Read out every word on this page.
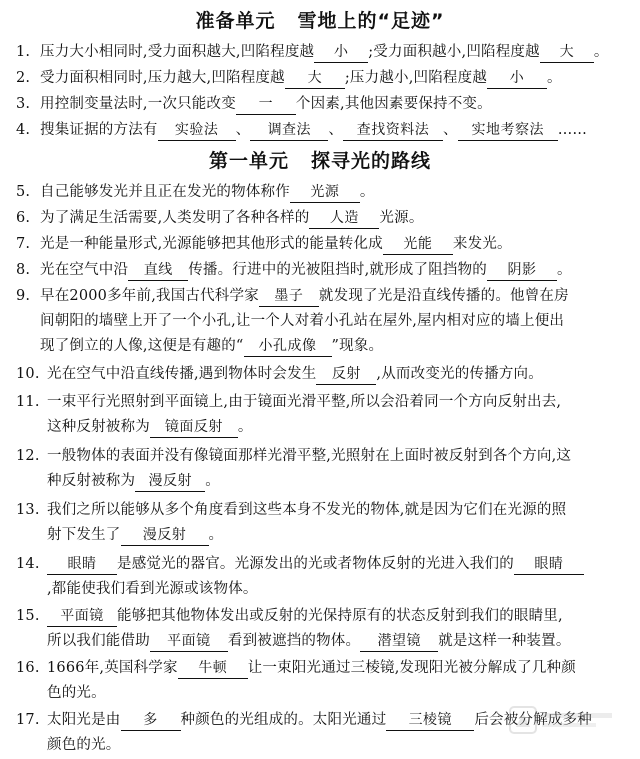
准备单元 雪地上的“足迹”
1. 压力大小相同时,受力面积越大,凹陷程度越 小 ;受力面积越小,凹陷程度越 大 。
2. 受力面积相同时,压力越大,凹陷程度越 大 ;压力越小,凹陷程度越 小 。
3. 用控制变量法时,一次只能改变 一 个因素,其他因素要保持不变。
4. 搜集证据的方法有 实验法 、 调查法 、 查找资料法 、 实地考察法 ……
第一单元 探寻光的路线
5. 自己能够发光并且正在发光的物体称作 光源 。
6. 为了满足生活需要,人类发明了各种各样的 人造 光源。
7. 光是一种能量形式,光源能够把其他形式的能量转化成 光能 来发光。
8. 光在空气中沿 直线 传播。行进中的光被阻挡时,就形成了阻挡物的 阴影 。
9. 早在2000多年前,我国古代科学家 墨子 就发现了光是沿直线传播的。他曾在房
间朝阳的墙壁上开了一个小孔,让一个人对着小孔站在屋外,屋内相对应的墙上便出
现了倒立的人像,这便是有趣的“ 小孔成像 ”现象。
10. 光在空气中沿直线传播,遇到物体时会发生 反射 ,从而改变光的传播方向。
11. 一束平行光照射到平面镜上,由于镜面光滑平整,所以会沿着同一个方向反射出去,
这种反射被称为 镜面反射 。
12. 一般物体的表面并没有像镜面那样光滑平整,光照射在上面时被反射到各个方向,这
种反射被称为 漫反射 。
13. 我们之所以能够从多个角度看到这些本身不发光的物体,就是因为它们在光源的照
射下发生了 漫反射 。
14. 眼睛 是感觉光的器官。光源发出的光或者物体反射的光进入我们的 眼睛
,都能使我们看到光源或该物体。
15. 平面镜 能够把其他物体发出或反射的光保持原有的状态反射到我们的眼睛里,
所以我们能借助 平面镜 看到被遮挡的物体。 潜望镜 就是这样一种装置。
16. 1666年,英国科学家 牛顿 让一束阳光通过三棱镜,发现阳光被分解成了几种颜
色的光。
17. 太阳光是由 多 种颜色的光组成的。太阳光通过 三棱镜 后会被分解成多种
颜色的光。
